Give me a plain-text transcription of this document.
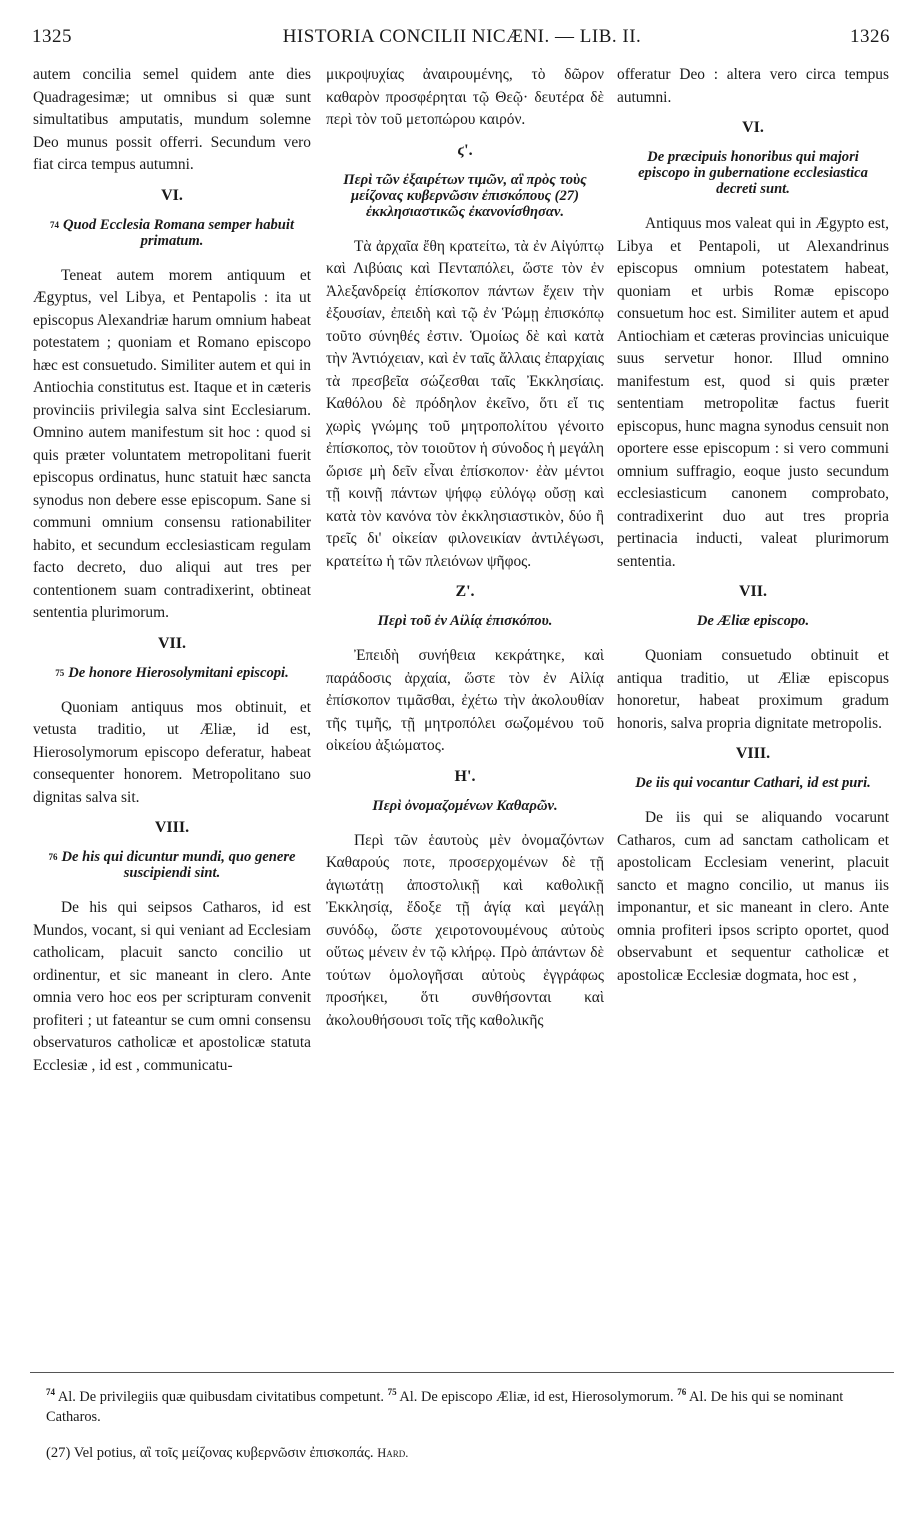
1325	HISTORIA CONCILII NICÆNI. — LIB. II.	1326

autem concilia semel quidem ante dies Quadragesimæ; ut omnibus si quæ sunt simultatibus amputatis, mundum solemne Deo munus possit offerri. Secundum vero fiat circa tempus autumni.

VI.
$^{74}$ Quod Ecclesia Romana semper habuit primatum.

Teneat autem morem antiquum et Ægyptus, vel Libya, et Pentapolis : ita ut episcopus Alexandriæ harum omnium habeat potestatem ; quoniam et Romano episcopo hæc est consuetudo. Similiter autem et qui in Antiochia constitutus est. Itaque et in cæteris provinciis privilegia salva sint Ecclesiarum. Omnino autem manifestum sit hoc : quod si quis præter voluntatem metropolitani fuerit episcopus ordinatus, hunc statuit hæc sancta synodus non debere esse episcopum. Sane si communi omnium consensu rationabiliter habito, et secundum ecclesiasticam regulam facto decreto, duo aliqui aut tres per contentionem suam contradixerint, obtineat sententia plurimorum.

VII.
$^{75}$ De honore Hierosolymitani episcopi.

Quoniam antiquus mos obtinuit, et vetusta traditio, ut Æliæ, id est, Hierosolymorum episcopo deferatur, habeat consequenter honorem. Metropolitano suo dignitas salva sit.

VIII.
$^{76}$ De his qui dicuntur mundi, quo genere suscipiendi sint.

De his qui seipsos Catharos, id est Mundos, vocant, si qui veniant ad Ecclesiam catholicam, placuit sancto concilio ut ordinentur, et sic maneant in clero. Ante omnia vero hoc eos per scripturam convenit profiteri ; ut fateantur se cum omni consensu observaturos catholicæ et apostolicæ statuta Ecclesiæ , id est , communicatu-

μικροψυχίας ἀναιρουμένης, τὸ δῶρον καθαρὸν προσφέρηται τῷ Θεῷ· δευτέρα δὲ περὶ τὸν τοῦ μετοπώρου καιρόν.

ϛ'.
Περὶ τῶν ἐξαιρέτων τιμῶν, αἳ πρὸς τοὺς μείζονας κυβερνῶσιν ἐπισκόπους (27) ἐκκλησιαστικῶς ἐκανονίσθησαν.

Τὰ ἀρχαῖα ἔθη κρατείτω, τὰ ἐν Αἰγύπτῳ καὶ Λιβύαις καὶ Πενταπόλει, ὥστε τὸν ἐν Ἀλεξανδρείᾳ ἐπίσκοπον πάντων ἔχειν τὴν ἐξουσίαν, ἐπειδὴ καὶ τῷ ἐν Ῥώμῃ ἐπισκόπῳ τοῦτο σύνηθές ἐστιν. Ὁμοίως δὲ καὶ κατὰ τὴν Ἀντιόχειαν, καὶ ἐν ταῖς ἄλλαις ἐπαρχίαις τὰ πρεσβεῖα σώζεσθαι ταῖς Ἐκκλησίαις. Καθόλου δὲ πρόδηλον ἐκεῖνο, ὅτι εἴ τις χωρὶς γνώμης τοῦ μητροπολίτου γένοιτο ἐπίσκοπος, τὸν τοιοῦτον ἡ σύνοδος ἡ μεγάλη ὥρισε μὴ δεῖν εἶναι ἐπίσκοπον· ἐὰν μέντοι τῇ κοινῇ πάντων ψήφῳ εὐλόγῳ οὔσῃ καὶ κατὰ τὸν κανόνα τὸν ἐκκλησιαστικὸν, δύο ἢ τρεῖς δι' οἰκείαν φιλονεικίαν ἀντιλέγωσι, κρατείτω ἡ τῶν πλειόνων ψῆφος.

Ζ'.
Περὶ τοῦ ἐν Αἰλίᾳ ἐπισκόπου.

Ἐπειδὴ συνήθεια κεκράτηκε, καὶ παράδοσις ἀρχαία, ὥστε τὸν ἐν Αἰλίᾳ ἐπίσκοπον τιμᾶσθαι, ἐχέτω τὴν ἀκολουθίαν τῆς τιμῆς, τῇ μητροπόλει σωζομένου τοῦ οἰκείου ἀξιώματος.

Η'.
Περὶ ὀνομαζομένων Καθαρῶν.

Περὶ τῶν ἑαυτοὺς μὲν ὀνομαζόντων Καθαρούς ποτε, προσερχομένων δὲ τῇ ἁγιωτάτῃ ἀποστολικῇ καὶ καθολικῇ Ἐκκλησίᾳ, ἔδοξε τῇ ἁγίᾳ καὶ μεγάλῃ συνόδῳ, ὥστε χειροτονουμένους αὐτοὺς οὕτως μένειν ἐν τῷ κλήρῳ. Πρὸ ἁπάντων δὲ τούτων ὁμολογῆσαι αὐτοὺς ἐγγράφως προσήκει, ὅτι συνθήσονται καὶ ἀκολουθήσουσι τοῖς τῆς καθολικῆς

offeratur Deo : altera vero circa tempus autumni.

VI.
De præcipuis honoribus qui majori episcopo in gubernatione ecclesiastica decreti sunt.

Antiquus mos valeat qui in Ægypto est, Libya et Pentapoli, ut Alexandrinus episcopus omnium potestatem habeat, quoniam et urbis Romæ episcopo consuetum hoc est. Similiter autem et apud Antiochiam et cæteras provincias unicuique suus servetur honor. Illud omnino manifestum est, quod si quis præter sententiam metropolitæ factus fuerit episcopus, hunc magna synodus censuit non oportere esse episcopum : si vero communi omnium suffragio, eoque justo secundum ecclesiasticum canonem comprobato, contradixerint duo aut tres propria pertinacia inducti, valeat plurimorum sententia.

VII.
De Æliæ episcopo.

Quoniam consuetudo obtinuit et antiqua traditio, ut Æliæ episcopus honoretur, habeat proximum gradum honoris, salva propria dignitate metropolis.

VIII.
De iis qui vocantur Cathari, id est puri.

De iis qui se aliquando vocarunt Catharos, cum ad sanctam catholicam et apostolicam Ecclesiam venerint, placuit sancto et magno concilio, ut manus iis imponantur, et sic maneant in clero. Ante omnia profiteri ipsos scripto oportet, quod observabunt et sequentur catholicæ et apostolicæ Ecclesiæ dogmata, hoc est ,

$^{74}$ Al. De privilegiis quæ quibusdam civitatibus competunt. $^{75}$ Al. De episcopo Æliæ, id est, Hierosolymorum. $^{76}$ Al. De his qui se nominant Catharos.

(27) Vel potius, αἳ τοῖς μείζονας κυβερνῶσιν ἐπισκοπάς. Hard.
